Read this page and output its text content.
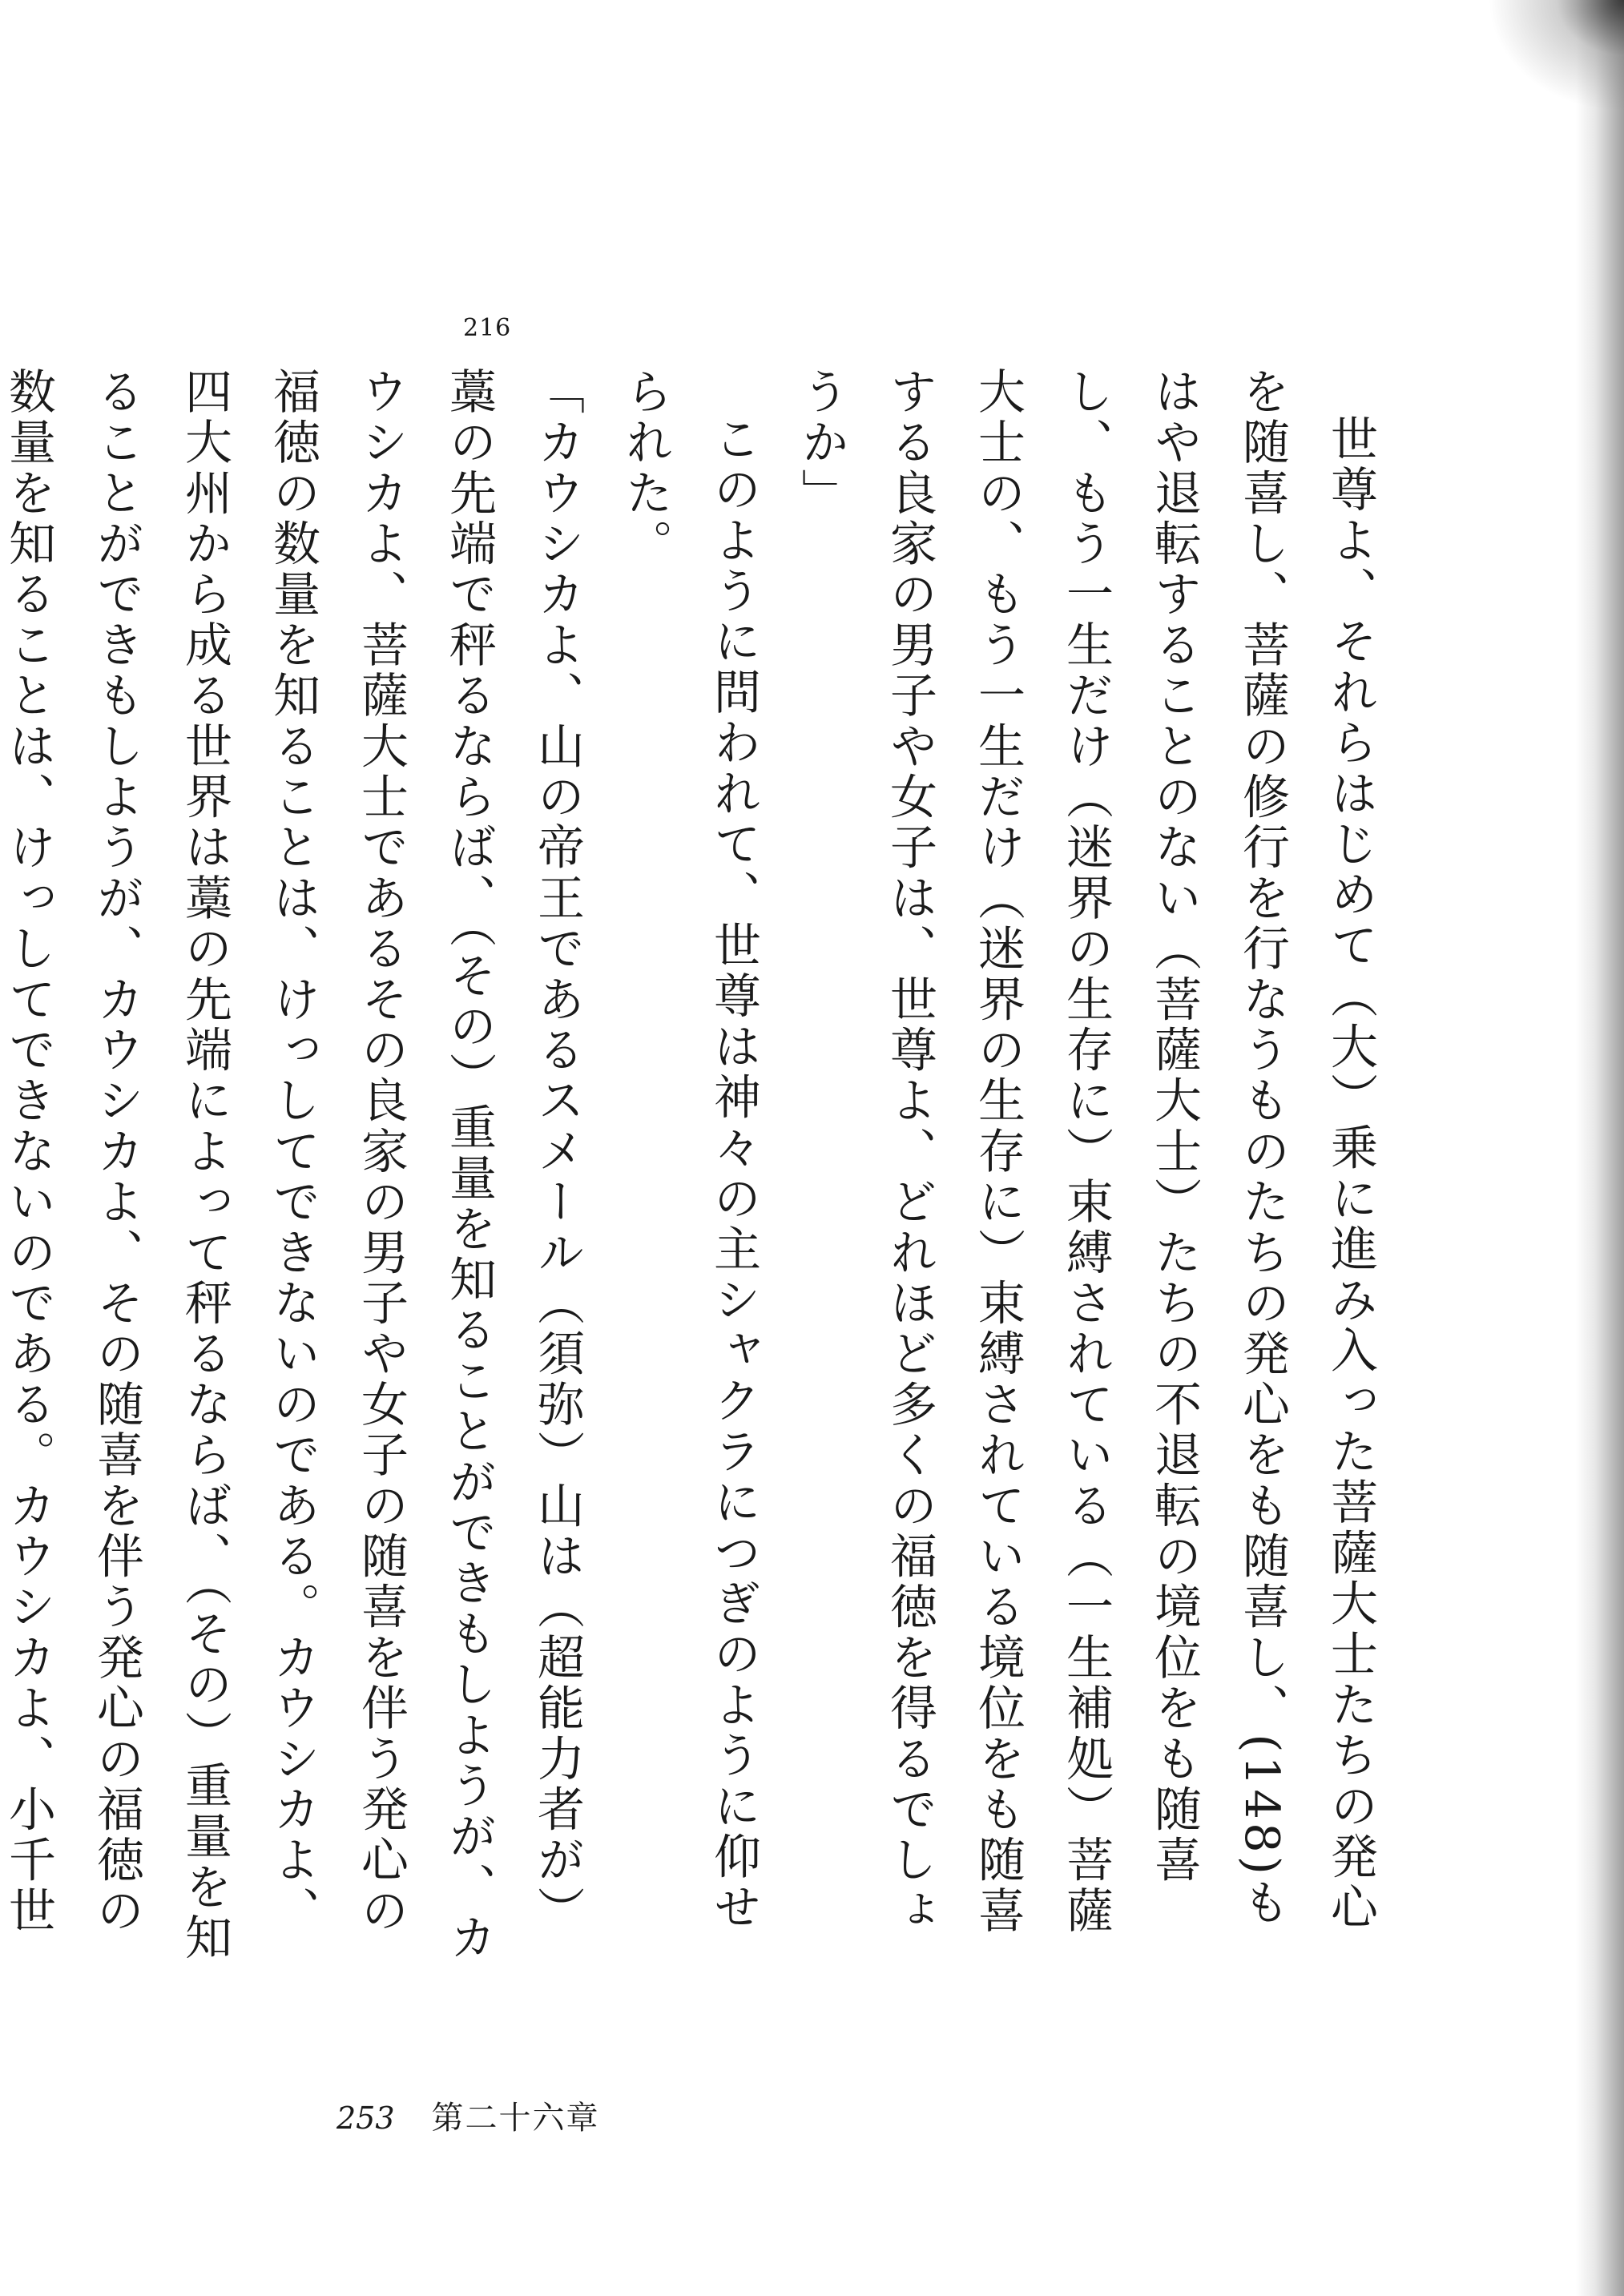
216
世尊よ、それらはじめて（大）乗に進み入った菩薩大士たちの発心を随喜し、菩薩の修行を行なうものたちの発心をも随喜し、(148)もはや退転することのない（菩薩大士）たちの不退転の境位をも随喜し、もう一生だけ（迷界の生存に）束縛されている（一生補処）菩薩大士の、もう一生だけ（迷界の生存に）束縛されている境位をも随喜する良家の男子や女子は、世尊よ、どれほど多くの福徳を得るでしょうか」
このように問われて、世尊は神々の主シャクラにつぎのように仰せられた。
「カウシカよ、山の帝王であるスメール（須弥）山は（超能力者が）藁の先端で秤るならば、（その）重量を知ることができもしようが、カウシカよ、菩薩大士であるその良家の男子や女子の随喜を伴う発心の福徳の数量を知ることは、けっしてできないのである。カウシカよ、四大州から成る世界は藁の先端によって秤るならば、（その）重量を知ることができもしようが、カウシカよ、その随喜を伴う発心の福徳の数量を知ることは、けっしてできないのである。カウシカよ、小千世
253 第二十六章
